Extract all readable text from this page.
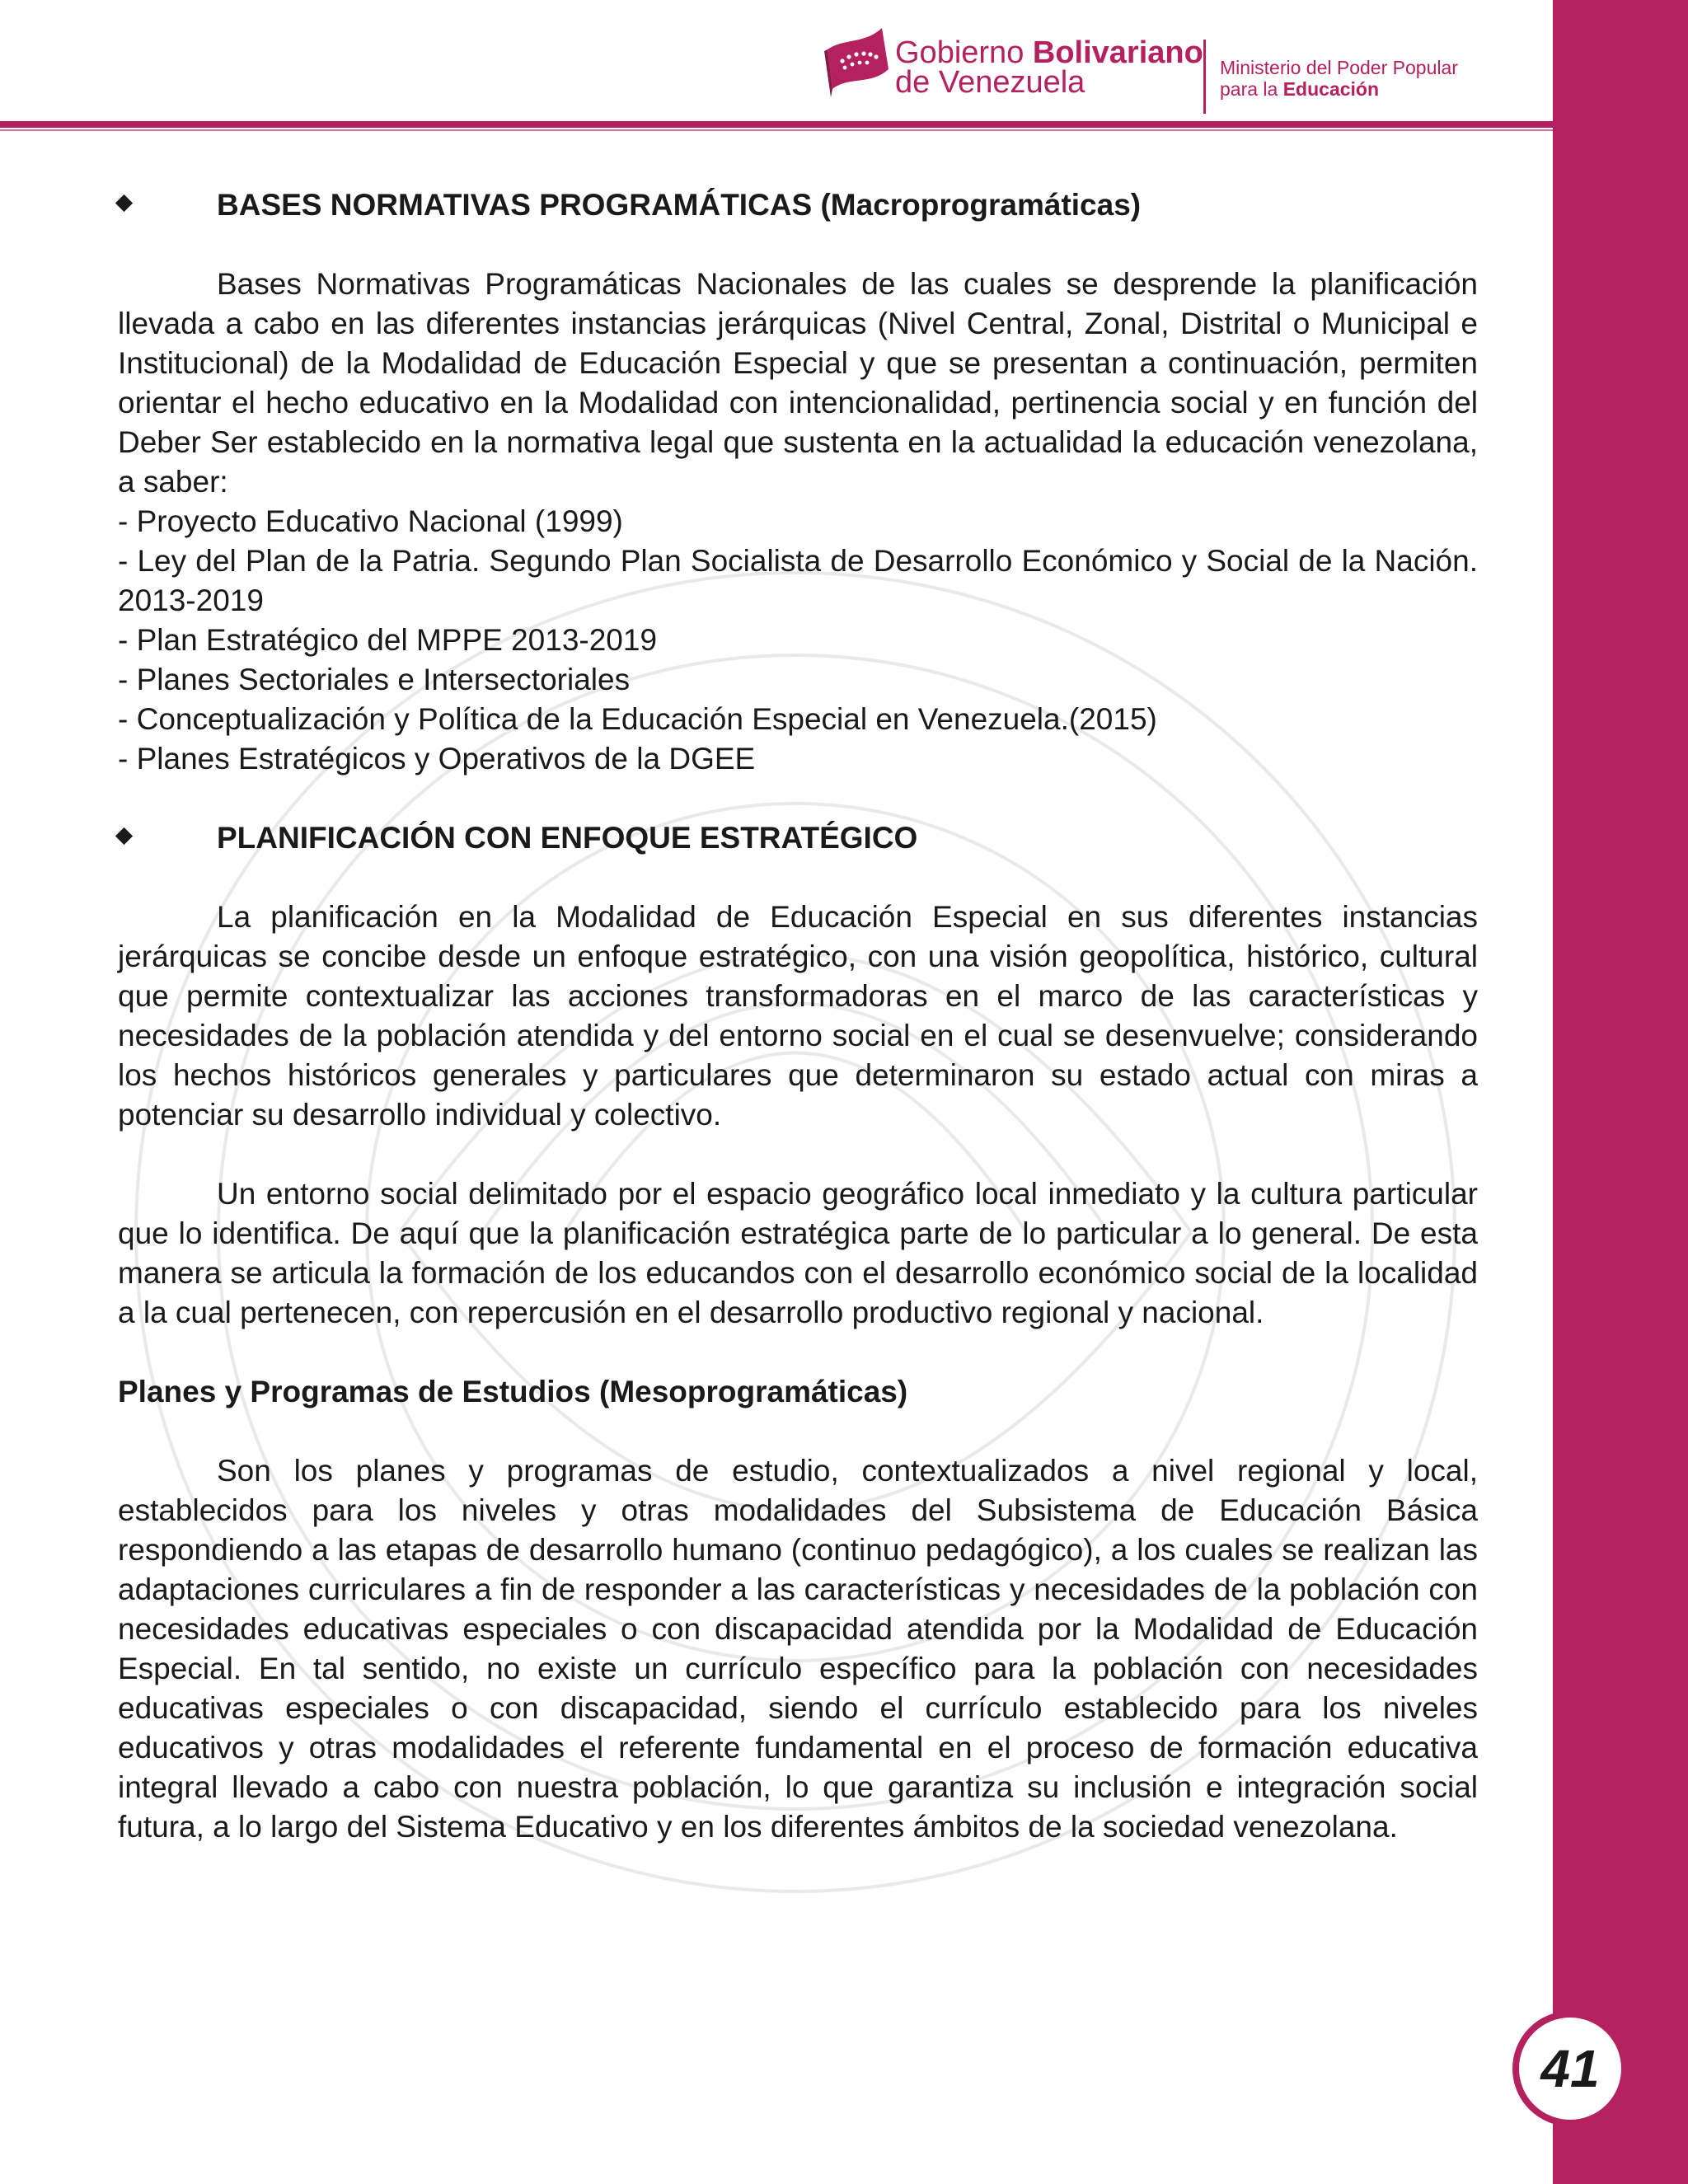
Gobierno Bolivariano
de Venezuela	Ministerio del Poder Popular
para la Educación

BASES NORMATIVAS PROGRAMÁTICAS (Macroprogramáticas)

Bases Normativas Programáticas Nacionales de las cuales se desprende la planificación llevada a cabo en las diferentes instancias jerárquicas (Nivel Central, Zonal, Distrital o Municipal e Institucional) de la Modalidad de Educación Especial y que se presentan a continuación, permiten orientar el hecho educativo en la Modalidad con intencionalidad, pertinencia social y en función del Deber Ser establecido en la normativa legal que sustenta en la actualidad la educación venezolana, a saber:

- Proyecto Educativo Nacional (1999)

- Ley del Plan de la Patria. Segundo Plan Socialista de Desarrollo Económico y Social de la Nación. 2013-2019

- Plan Estratégico del MPPE 2013-2019

- Planes Sectoriales e Intersectoriales

- Conceptualización y Política de la Educación Especial en Venezuela.(2015)

- Planes Estratégicos y Operativos de la DGEE

PLANIFICACIÓN CON ENFOQUE ESTRATÉGICO

La planificación en la Modalidad de Educación Especial en sus diferentes instancias jerárquicas se concibe desde un enfoque estratégico, con una visión geopolítica, histórico, cultural que permite contextualizar las acciones transformadoras en el marco de las características y necesidades de la población atendida y del entorno social en el cual se desenvuelve; considerando los hechos históricos generales y particulares que determinaron su estado actual con miras a potenciar su desarrollo individual y colectivo.

Un entorno social delimitado por el espacio geográfico local inmediato y la cultura particular que lo identifica. De aquí que la planificación estratégica parte de lo particular a lo general. De esta manera se articula la formación de los educandos con el desarrollo económico social de la localidad a la cual pertenecen, con repercusión en el desarrollo productivo regional y nacional.

Planes y Programas de Estudios (Mesoprogramáticas)

Son los planes y programas de estudio, contextualizados a nivel regional y local, establecidos para los niveles y otras modalidades del Subsistema de Educación Básica respondiendo a las etapas de desarrollo humano (continuo pedagógico), a los cuales se realizan las adaptaciones curriculares a fin de responder a las características y necesidades de la población con necesidades educativas especiales o con discapacidad atendida por la Modalidad de Educación Especial. En tal sentido, no existe un currículo específico para la población con necesidades educativas especiales o con discapacidad, siendo el currículo establecido para los niveles educativos y otras modalidades el referente fundamental en el proceso de formación educativa integral llevado a cabo con nuestra población, lo que garantiza su inclusión e integración social futura, a lo largo del Sistema Educativo y en los diferentes ámbitos de la sociedad venezolana.

41
